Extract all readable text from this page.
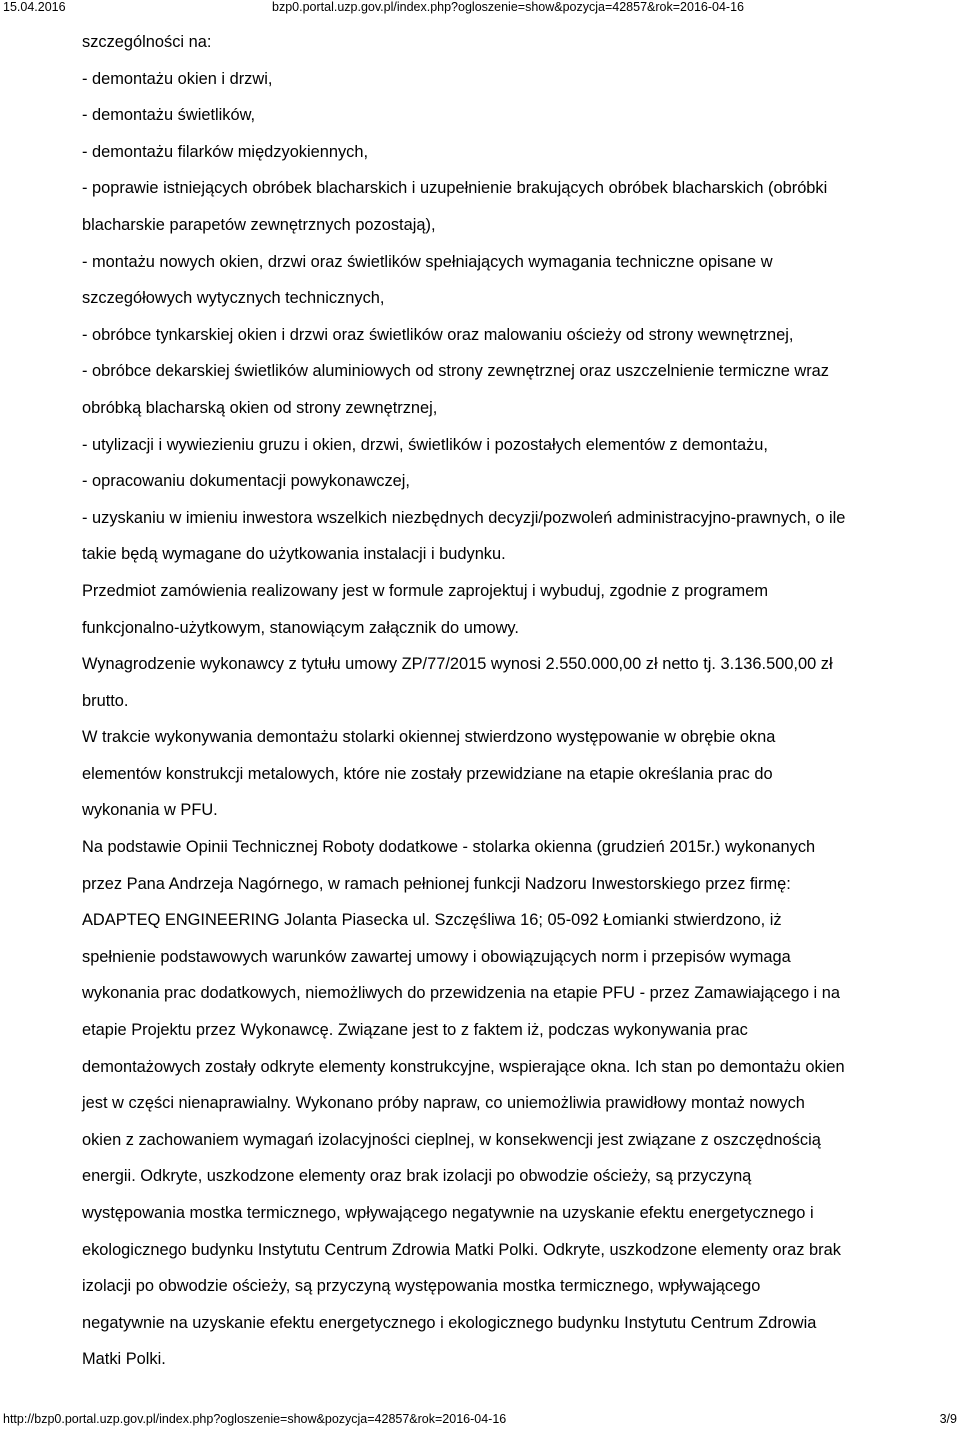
15.04.2016	bzp0.portal.uzp.gov.pl/index.php?ogloszenie=show&pozycja=42857&rok=2016-04-16
szczególności na:
- demontażu okien i drzwi,
- demontażu świetlików,
- demontażu filarków międzyokiennych,
- poprawie istniejących obróbek blacharskich i uzupełnienie brakujących obróbek blacharskich (obróbki
blacharskie parapetów zewnętrznych pozostają),
- montażu nowych okien, drzwi oraz świetlików spełniających wymagania techniczne opisane w
szczegółowych wytycznych technicznych,
- obróbce tynkarskiej okien i drzwi oraz świetlików oraz malowaniu ościeży od strony wewnętrznej,
- obróbce dekarskiej świetlików aluminiowych od strony zewnętrznej oraz uszczelnienie termiczne wraz
obróbką blacharską okien od strony zewnętrznej,
- utylizacji i wywiezieniu gruzu i okien, drzwi, świetlików i pozostałych elementów z demontażu,
- opracowaniu dokumentacji powykonawczej,
- uzyskaniu w imieniu inwestora wszelkich niezbędnych decyzji/pozwoleń administracyjno-prawnych, o ile
takie będą wymagane do użytkowania instalacji i budynku.
Przedmiot zamówienia realizowany jest w formule zaprojektuj i wybuduj, zgodnie z programem
funkcjonalno-użytkowym, stanowiącym załącznik do umowy.
Wynagrodzenie wykonawcy z tytułu umowy ZP/77/2015 wynosi 2.550.000,00 zł netto tj. 3.136.500,00 zł
brutto.
W trakcie wykonywania demontażu stolarki okiennej stwierdzono występowanie w obrębie okna
elementów konstrukcji metalowych, które nie zostały przewidziane na etapie określania prac do
wykonania w PFU.
Na podstawie Opinii Technicznej Roboty dodatkowe - stolarka okienna (grudzień 2015r.) wykonanych
przez Pana Andrzeja Nagórnego, w ramach pełnionej funkcji Nadzoru Inwestorskiego przez firmę:
ADAPTEQ ENGINEERING Jolanta Piasecka ul. Szczęśliwa 16; 05-092 Łomianki stwierdzono, iż
spełnienie podstawowych warunków zawartej umowy i obowiązujących norm i przepisów wymaga
wykonania prac dodatkowych, niemożliwych do przewidzenia na etapie PFU - przez Zamawiającego i na
etapie Projektu przez Wykonawcę. Związane jest to z faktem iż, podczas wykonywania prac
demontażowych zostały odkryte elementy konstrukcyjne, wspierające okna. Ich stan po demontażu okien
jest w części nienaprawialny. Wykonano próby napraw, co uniemożliwia prawidłowy montaż nowych
okien z zachowaniem wymagań izolacyjności cieplnej, w konsekwencji jest związane z oszczędnością
energii. Odkryte, uszkodzone elementy oraz brak izolacji po obwodzie ościeży, są przyczyną
występowania mostka termicznego, wpływającego negatywnie na uzyskanie efektu energetycznego i
ekologicznego budynku Instytutu Centrum Zdrowia Matki Polki. Odkryte, uszkodzone elementy oraz brak
izolacji po obwodzie ościeży, są przyczyną występowania mostka termicznego, wpływającego
negatywnie na uzyskanie efektu energetycznego i ekologicznego budynku Instytutu Centrum Zdrowia
Matki Polki.
http://bzp0.portal.uzp.gov.pl/index.php?ogloszenie=show&pozycja=42857&rok=2016-04-16	3/9
